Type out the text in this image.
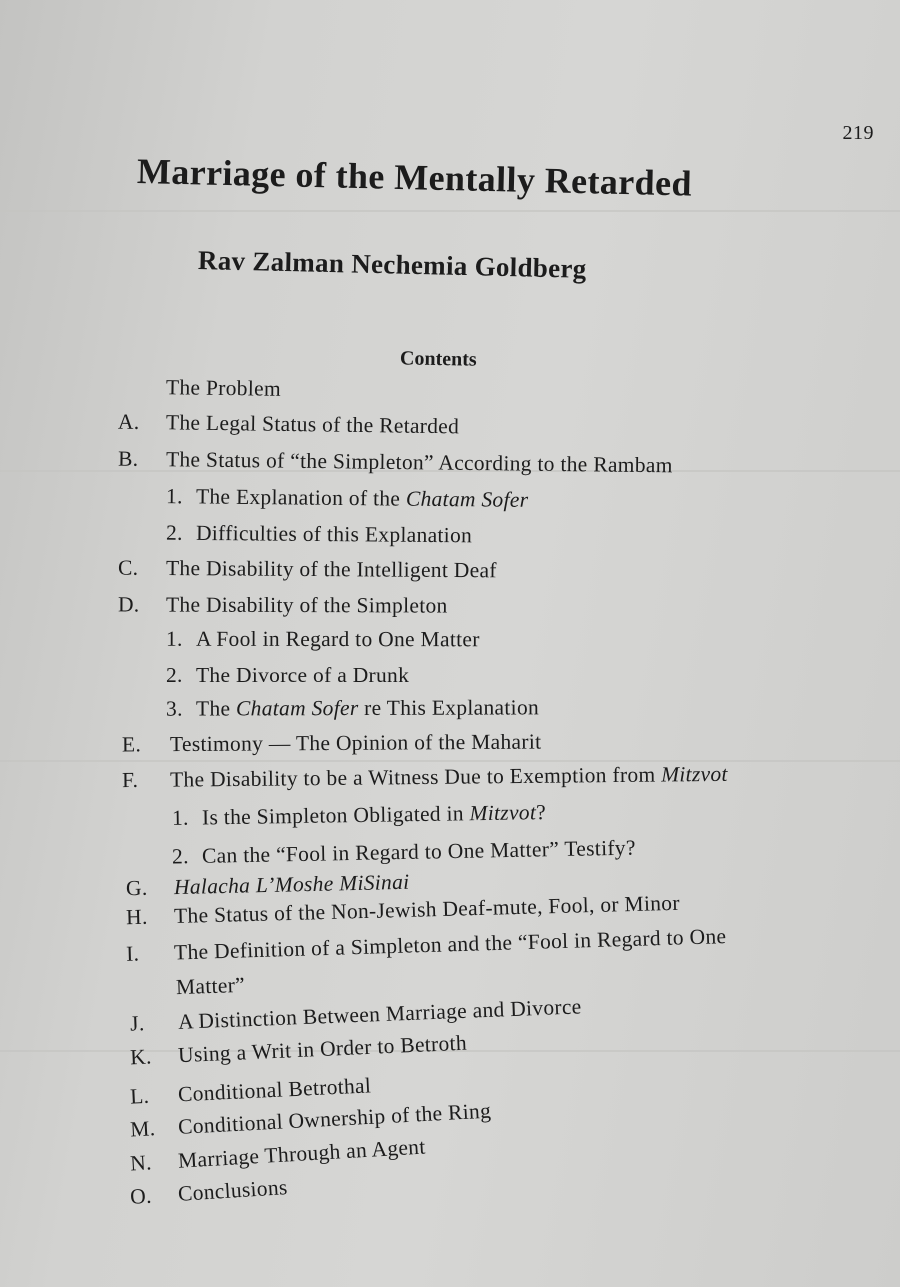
219
Marriage of the Mentally Retarded
Rav Zalman Nechemia Goldberg
Contents
The Problem
A. The Legal Status of the Retarded
B. The Status of “the Simpleton” According to the Rambam
1. The Explanation of the Chatam Sofer
2. Difficulties of this Explanation
C. The Disability of the Intelligent Deaf
D. The Disability of the Simpleton
1. A Fool in Regard to One Matter
2. The Divorce of a Drunk
3. The Chatam Sofer re This Explanation
E. Testimony — The Opinion of the Maharit
F. The Disability to be a Witness Due to Exemption from Mitzvot
1. Is the Simpleton Obligated in Mitzvot?
2. Can the “Fool in Regard to One Matter” Testify?
G. Halacha L’Moshe MiSinai
H. The Status of the Non-Jewish Deaf-mute, Fool, or Minor
I. The Definition of a Simpleton and the “Fool in Regard to One
Matter”
J. A Distinction Between Marriage and Divorce
K. Using a Writ in Order to Betroth
L. Conditional Betrothal
M. Conditional Ownership of the Ring
N. Marriage Through an Agent
O. Conclusions
